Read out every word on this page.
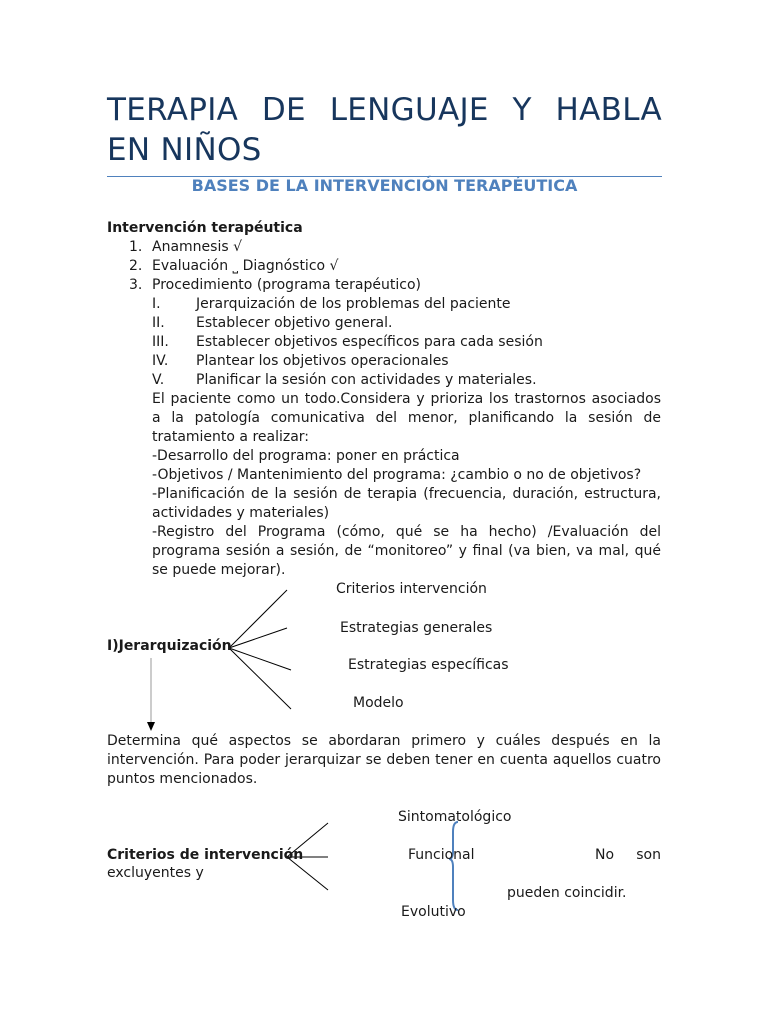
TERAPIA DE LENGUAJE Y HABLA
EN NIÑOS
BASES DE LA INTERVENCIÓN TERAPÉUTICA
Intervención terapéutica
1. Anamnesis √
2. Evaluación ⎵ Diagnóstico √
3. Procedimiento (programa terapéutico)
I.	Jerarquización de los problemas del paciente
II. Establecer objetivo general.
III. Establecer objetivos específicos para cada sesión
IV. Plantear los objetivos operacionales
V. Planificar la sesión con actividades y materiales.
El paciente como un todo.Considera y prioriza los trastornos asociados a la patología comunicativa del menor, planificando la sesión de tratamiento a realizar:
-Desarrollo del programa: poner en práctica
-Objetivos / Mantenimiento del programa: ¿cambio o no de objetivos?
-Planificación de la sesión de terapia (frecuencia, duración, estructura, actividades y materiales)
-Registro del Programa (cómo, qué se ha hecho) /Evaluación del programa sesión a sesión, de “monitoreo” y final (va bien, va mal, qué se puede mejorar).
Criterios intervención
Estrategias generales
Estrategias específicas
Modelo
I)Jerarquización
Determina qué aspectos se abordaran primero y cuáles después en la intervención. Para poder jerarquizar se deben tener en cuenta aquellos cuatro puntos mencionados.
Sintomatológico
Criterios de intervención	Funcional	No son
excluyentes y
pueden coincidir.
Evolutivo
